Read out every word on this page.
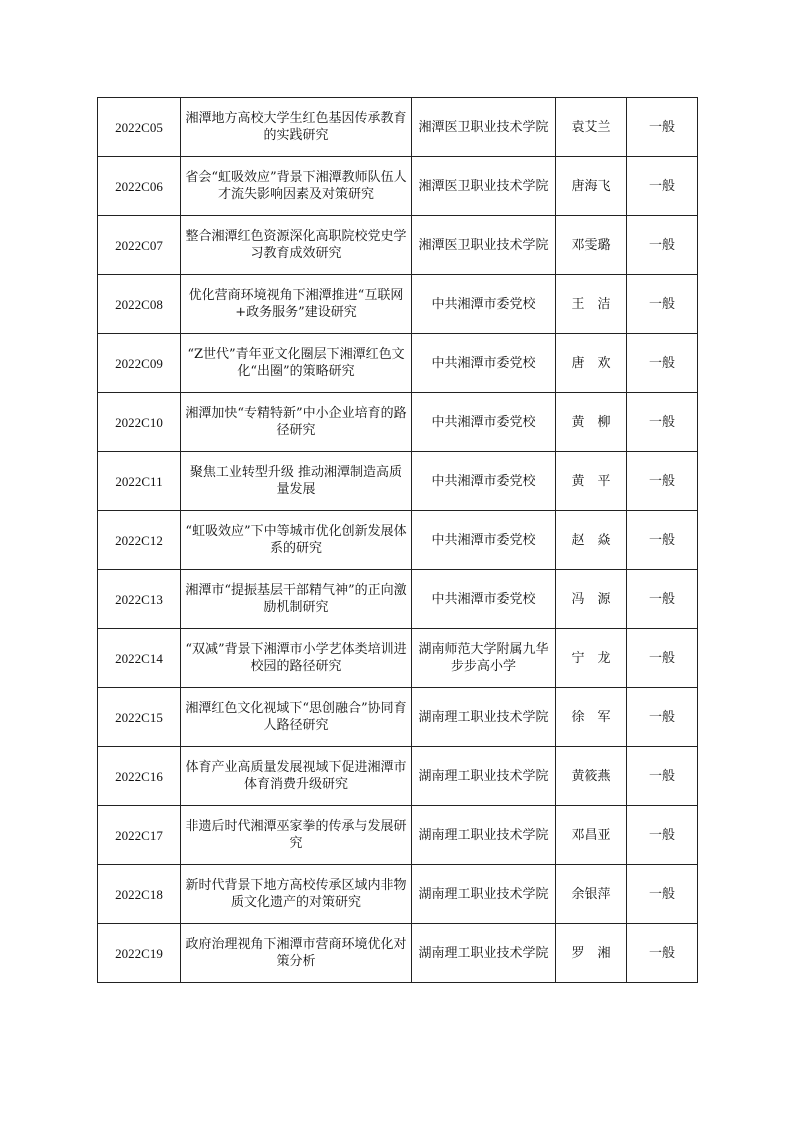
2022C05	湘潭地方高校大学生红色基因传承教育的实践研究	湘潭医卫职业技术学院	袁艾兰	一般
2022C06	省会“虹吸效应”背景下湘潭教师队伍人才流失影响因素及对策研究	湘潭医卫职业技术学院	唐海飞	一般
2022C07	整合湘潭红色资源深化高职院校党史学习教育成效研究	湘潭医卫职业技术学院	邓雯璐	一般
2022C08	优化营商环境视角下湘潭推进“互联网+政务服务”建设研究	中共湘潭市委党校	王　洁	一般
2022C09	“Z世代”青年亚文化圈层下湘潭红色文化“出圈”的策略研究	中共湘潭市委党校	唐　欢	一般
2022C10	湘潭加快“专精特新”中小企业培育的路径研究	中共湘潭市委党校	黄　柳	一般
2022C11	聚焦工业转型升级 推动湘潭制造高质量发展	中共湘潭市委党校	黄　平	一般
2022C12	“虹吸效应”下中等城市优化创新发展体系的研究	中共湘潭市委党校	赵　焱	一般
2022C13	湘潭市“提振基层干部精气神”的正向激励机制研究	中共湘潭市委党校	冯　源	一般
2022C14	“双减”背景下湘潭市小学艺体类培训进校园的路径研究	湖南师范大学附属九华步步高小学	宁　龙	一般
2022C15	湘潭红色文化视域下“思创融合”协同育人路径研究	湖南理工职业技术学院	徐　军	一般
2022C16	体育产业高质量发展视域下促进湘潭市体育消费升级研究	湖南理工职业技术学院	黄筱燕	一般
2022C17	非遗后时代湘潭巫家拳的传承与发展研究	湖南理工职业技术学院	邓昌亚	一般
2022C18	新时代背景下地方高校传承区域内非物质文化遗产的对策研究	湖南理工职业技术学院	余银萍	一般
2022C19	政府治理视角下湘潭市营商环境优化对策分析	湖南理工职业技术学院	罗　湘	一般
